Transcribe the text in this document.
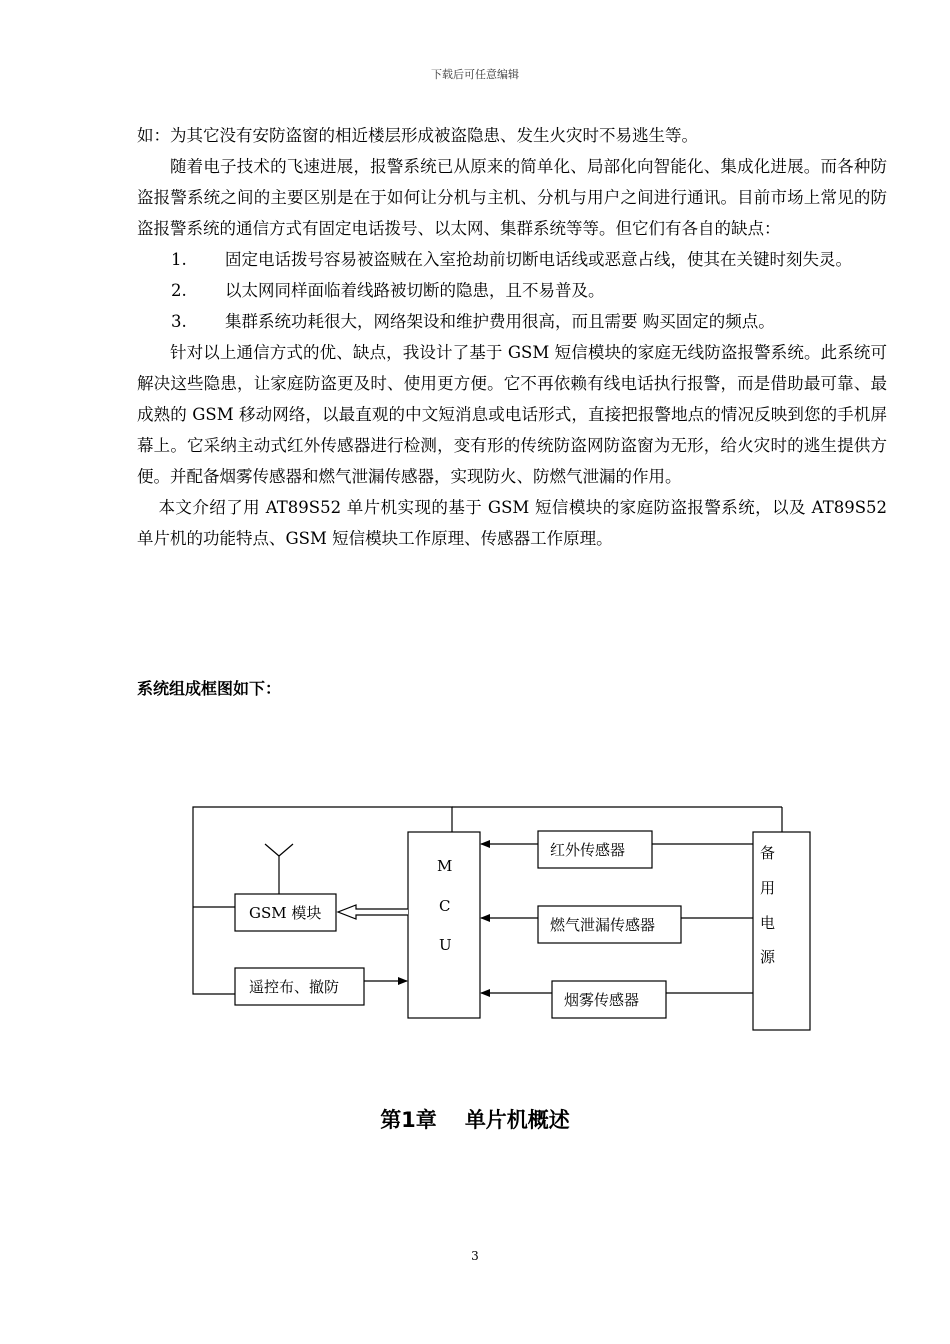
下载后可任意编辑

如：为其它没有安防盗窗的相近楼层形成被盗隐患、发生火灾时不易逃生等。

随着电子技术的飞速进展，报警系统已从原来的简单化、局部化向智能化、集成化进展。而各种防盗报警系统之间的主要区别是在于如何让分机与主机、分机与用户之间进行通讯。目前市场上常见的防盗报警系统的通信方式有固定电话拨号、以太网、集群系统等等。但它们有各自的缺点：

1.	固定电话拨号容易被盗贼在入室抢劫前切断电话线或恶意占线，使其在关键时刻失灵。
2.	以太网同样面临着线路被切断的隐患，且不易普及。
3.	集群系统功耗很大，网络架设和维护费用很高，而且需要 购买固定的频点。

针对以上通信方式的优、缺点，我设计了基于 GSM 短信模块的家庭无线防盗报警系统。此系统可解决这些隐患，让家庭防盗更及时、使用更方便。它不再依赖有线电话执行报警，而是借助最可靠、最成熟的 GSM 移动网络，以最直观的中文短消息或电话形式，直接把报警地点的情况反映到您的手机屏幕上。它采纳主动式红外传感器进行检测，变有形的传统防盗网防盗窗为无形，给火灾时的逃生提供方便。并配备烟雾传感器和燃气泄漏传感器，实现防火、防燃气泄漏的作用。

本文介绍了用 AT89S52 单片机实现的基于 GSM 短信模块的家庭防盗报警系统，以及 AT89S52 单片机的功能特点、GSM 短信模块工作原理、传感器工作原理。

系统组成框图如下：
GSM 模块
遥控布、撤防
红外传感器
燃气泄漏传感器
烟雾传感器
M
C
U
备
用
电
源
第1章 单片机概述
3
